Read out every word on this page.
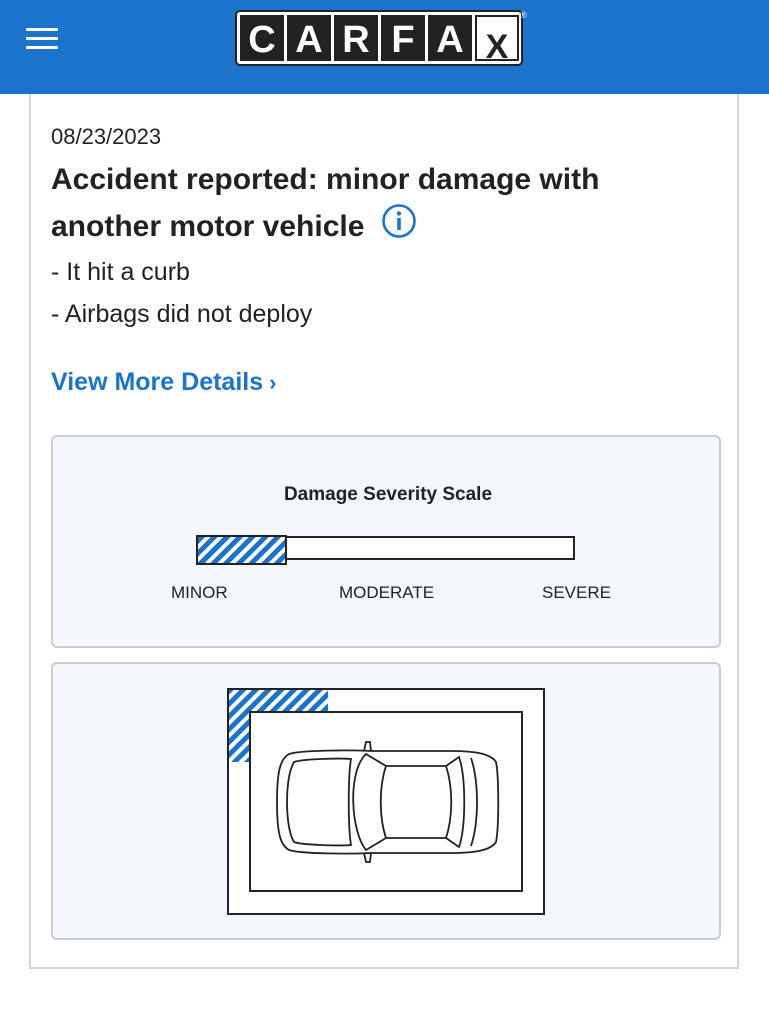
C A R F A X
®
08/23/2023
Accident reported: minor damage with another motor vehicle
- It hit a curb
- Airbags did not deploy
View More Details ›
Damage Severity Scale
MINOR	MODERATE	SEVERE
